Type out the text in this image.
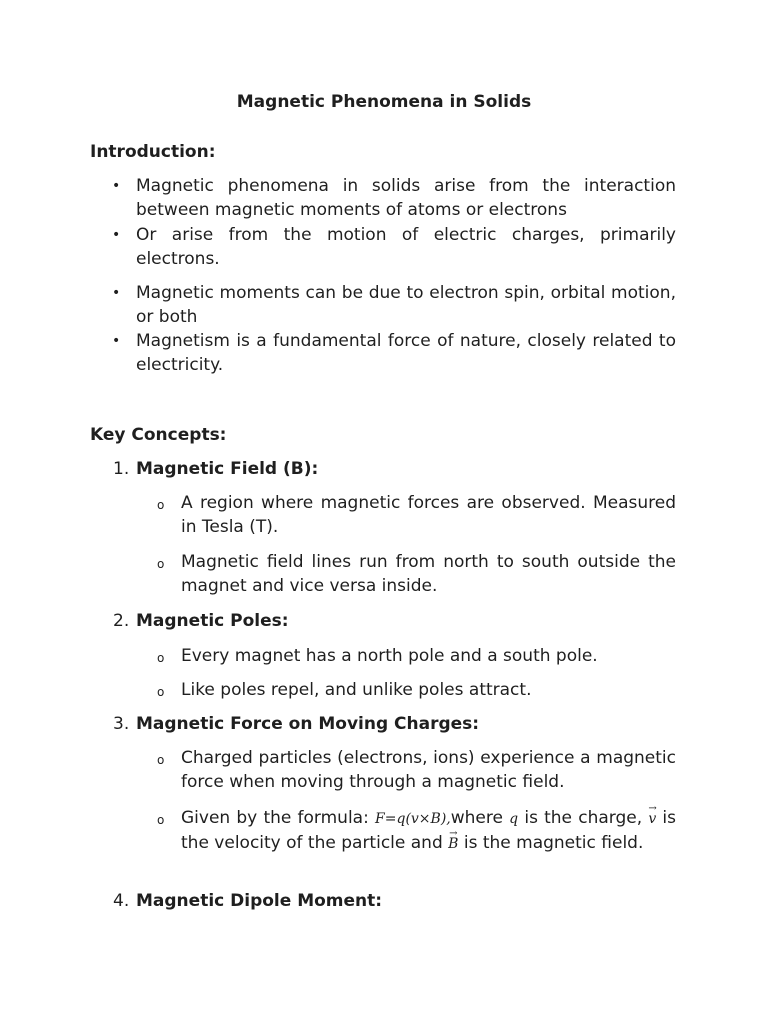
Magnetic Phenomena in Solids
Introduction:
• Magnetic phenomena in solids arise from the interaction between magnetic moments of atoms or electrons
• Or arise from the motion of electric charges, primarily electrons.
• Magnetic moments can be due to electron spin, orbital motion, or both
• Magnetism is a fundamental force of nature, closely related to electricity.
Key Concepts:
1. Magnetic Field (B):
o A region where magnetic forces are observed. Measured in Tesla (T).
o Magnetic field lines run from north to south outside the magnet and vice versa inside.
2. Magnetic Poles:
o Every magnet has a north pole and a south pole.
o Like poles repel, and unlike poles attract.
3. Magnetic Force on Moving Charges:
o Charged particles (electrons, ions) experience a magnetic force when moving through a magnetic field.
o Given by the formula: F=q(v×B),where q is the charge, → v is the velocity of the particle and → B is the magnetic field.
4. Magnetic Dipole Moment:
